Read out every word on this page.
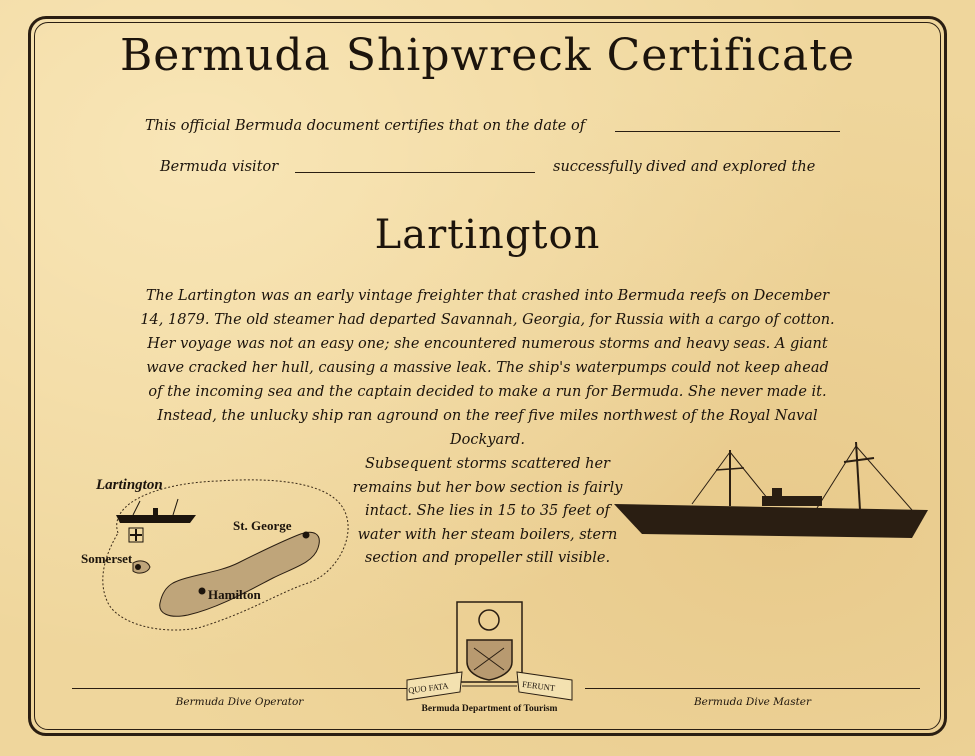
Bermuda Shipwreck Certificate
This official Bermuda document certifies that on the date of
Bermuda visitor	successfully dived and explored the
Lartington
The Lartington was an early vintage freighter that crashed into Bermuda reefs on December 14, 1879. The old steamer had departed Savannah, Georgia, for Russia with a cargo of cotton. Her voyage was not an easy one; she encountered numerous storms and heavy seas. A giant wave cracked her hull, causing a massive leak. The ship's waterpumps could not keep ahead of the incoming sea and the captain decided to make a run for Bermuda. She never made it. Instead, the unlucky ship ran aground on the reef five miles northwest of the Royal Naval Dockyard.
Subsequent storms scattered her remains but her bow section is fairly intact. She lies in 15 to 35 feet of water with her steam boilers, stern section and propeller still visible.
Lartington
St. George
Somerset
Hamilton
QUO FATA	FERUNT
Bermuda Dive Operator
Bermuda Department of Tourism
Bermuda Dive Master
